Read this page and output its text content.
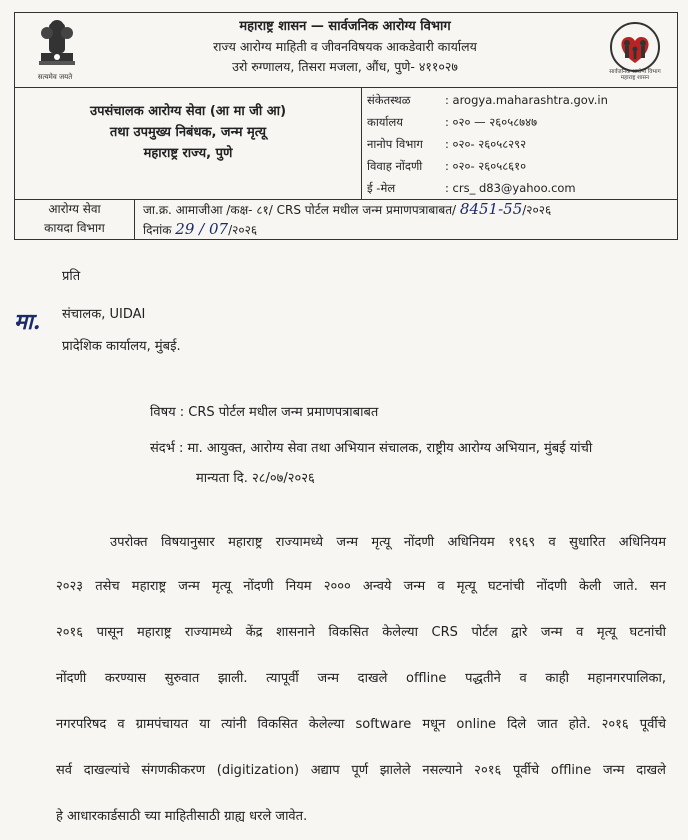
सत्यमेव जयते
महाराष्ट्र शासन — सार्वजनिक आरोग्य विभाग
राज्य आरोग्य माहिती व जीवनविषयक आकडेवारी कार्यालय
उरो रुग्णालय, तिसरा मजला, औंध, पुणे- ४११०२७	सार्वजनिक आरोग्य विभाग महाराष्ट्र शासन
उपसंचालक आरोग्य सेवा (आ मा जी आ)
तथा उपमुख्य निबंधक, जन्म मृत्यू
महाराष्ट्र राज्य, पुणे
संकेतस्थळ	: arogya.maharashtra.gov.in
कार्यालय	: ०२० — २६०५८७४७
नानोप विभाग	: ०२०- २६०५८२९२
विवाह नोंदणी	: ०२०- २६०५८६१०
ई -मेल	: crs_ d83@yahoo.com
आरोग्य सेवा
कायदा विभाग
जा.क्र. आमाजीआ /कक्ष- ८१/ CRS पोर्टल मधील जन्म प्रमाणपत्राबाबत/ 8451-55/२०२६
दिनांक 29 / 07/२०२६
प्रति
मा. संचालक, UIDAI
प्रादेशिक कार्यालय, मुंबई.
विषय : CRS पोर्टल मधील जन्म प्रमाणपत्राबाबत
संदर्भ : मा. आयुक्त, आरोग्य सेवा तथा अभियान संचालक, राष्ट्रीय आरोग्य अभियान, मुंबई यांची
मान्यता दि. २८/०७/२०२६
उपरोक्त विषयानुसार महाराष्ट्र राज्यामध्ये जन्म मृत्यू नोंदणी अधिनियम १९६९ व सुधारित अधिनियम
२०२३ तसेच महाराष्ट्र जन्म मृत्यू नोंदणी नियम २००० अन्वये जन्म व मृत्यू घटनांची नोंदणी केली जाते. सन
२०१६ पासून महाराष्ट्र राज्यामध्ये केंद्र शासनाने विकसित केलेल्या CRS पोर्टल द्वारे जन्म व मृत्यू घटनांची
नोंदणी करण्यास सुरुवात झाली. त्यापूर्वी जन्म दाखले offline पद्धतीने व काही महानगरपालिका,
नगरपरिषद व ग्रामपंचायत या त्यांनी विकसित केलेल्या software मधून online दिले जात होते. २०१६ पूर्वीचे
सर्व दाखल्यांचे संगणकीकरण (digitization) अद्याप पूर्ण झालेले नसल्याने २०१६ पूर्वीचे offline जन्म दाखले
हे आधारकार्डसाठी च्या माहितीसाठी ग्राह्य धरले जावेत.
